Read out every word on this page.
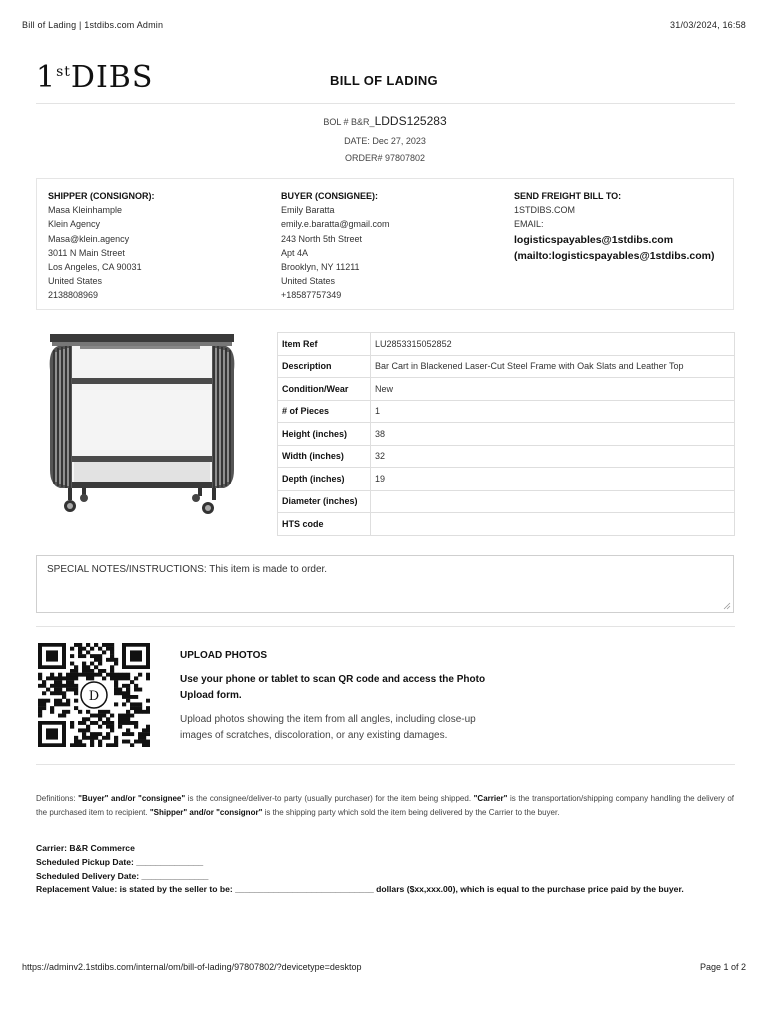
Bill of Lading | 1stdibs.com Admin	31/03/2024, 16:58
1stDIBS	BILL OF LADING
BOL # B&R_LDDS125283
DATE: Dec 27, 2023
ORDER# 97807802
SHIPPER (CONSIGNOR):
Masa Kleinhample
Klein Agency
Masa@klein.agency
3011 N Main Street
Los Angeles, CA 90031
United States
2138808969
BUYER (CONSIGNEE):
Emily Baratta
emily.e.baratta@gmail.com
243 North 5th Street
Apt 4A
Brooklyn, NY 11211
United States
+18587757349
SEND FREIGHT BILL TO:
1STDIBS.COM
EMAIL:
logisticspayables@1stdibs.com
(mailto:logisticspayables@1stdibs.com)
Item Ref	LU2853315052852
Description	Bar Cart in Blackened Laser-Cut Steel Frame with Oak Slats and Leather Top
Condition/Wear	New
# of Pieces	1
Height (inches)	38
Width (inches)	32
Depth (inches)	19
Diameter (inches)	
HTS code	
SPECIAL NOTES/INSTRUCTIONS: This item is made to order.
D
UPLOAD PHOTOS
Use your phone or tablet to scan QR code and access the Photo Upload form.
Upload photos showing the item from all angles, including close-up images of scratches, discoloration, or any existing damages.
Definitions: "Buyer" and/or "consignee" is the consignee/deliver-to party (usually purchaser) for the item being shipped. "Carrier" is the transportation/shipping company handling the delivery of the purchased item to recipient. "Shipper" and/or "consignor" is the shipping party which sold the item being delivered by the Carrier to the buyer.
Carrier: B&R Commerce
Scheduled Pickup Date: ______________
Scheduled Delivery Date: ______________
Replacement Value: is stated by the seller to be: _____________________________ dollars ($xx,xxx.00), which is equal to the purchase price paid by the buyer.
https://adminv2.1stdibs.com/internal/om/bill-of-lading/97807802/?devicetype=desktop	Page 1 of 2
